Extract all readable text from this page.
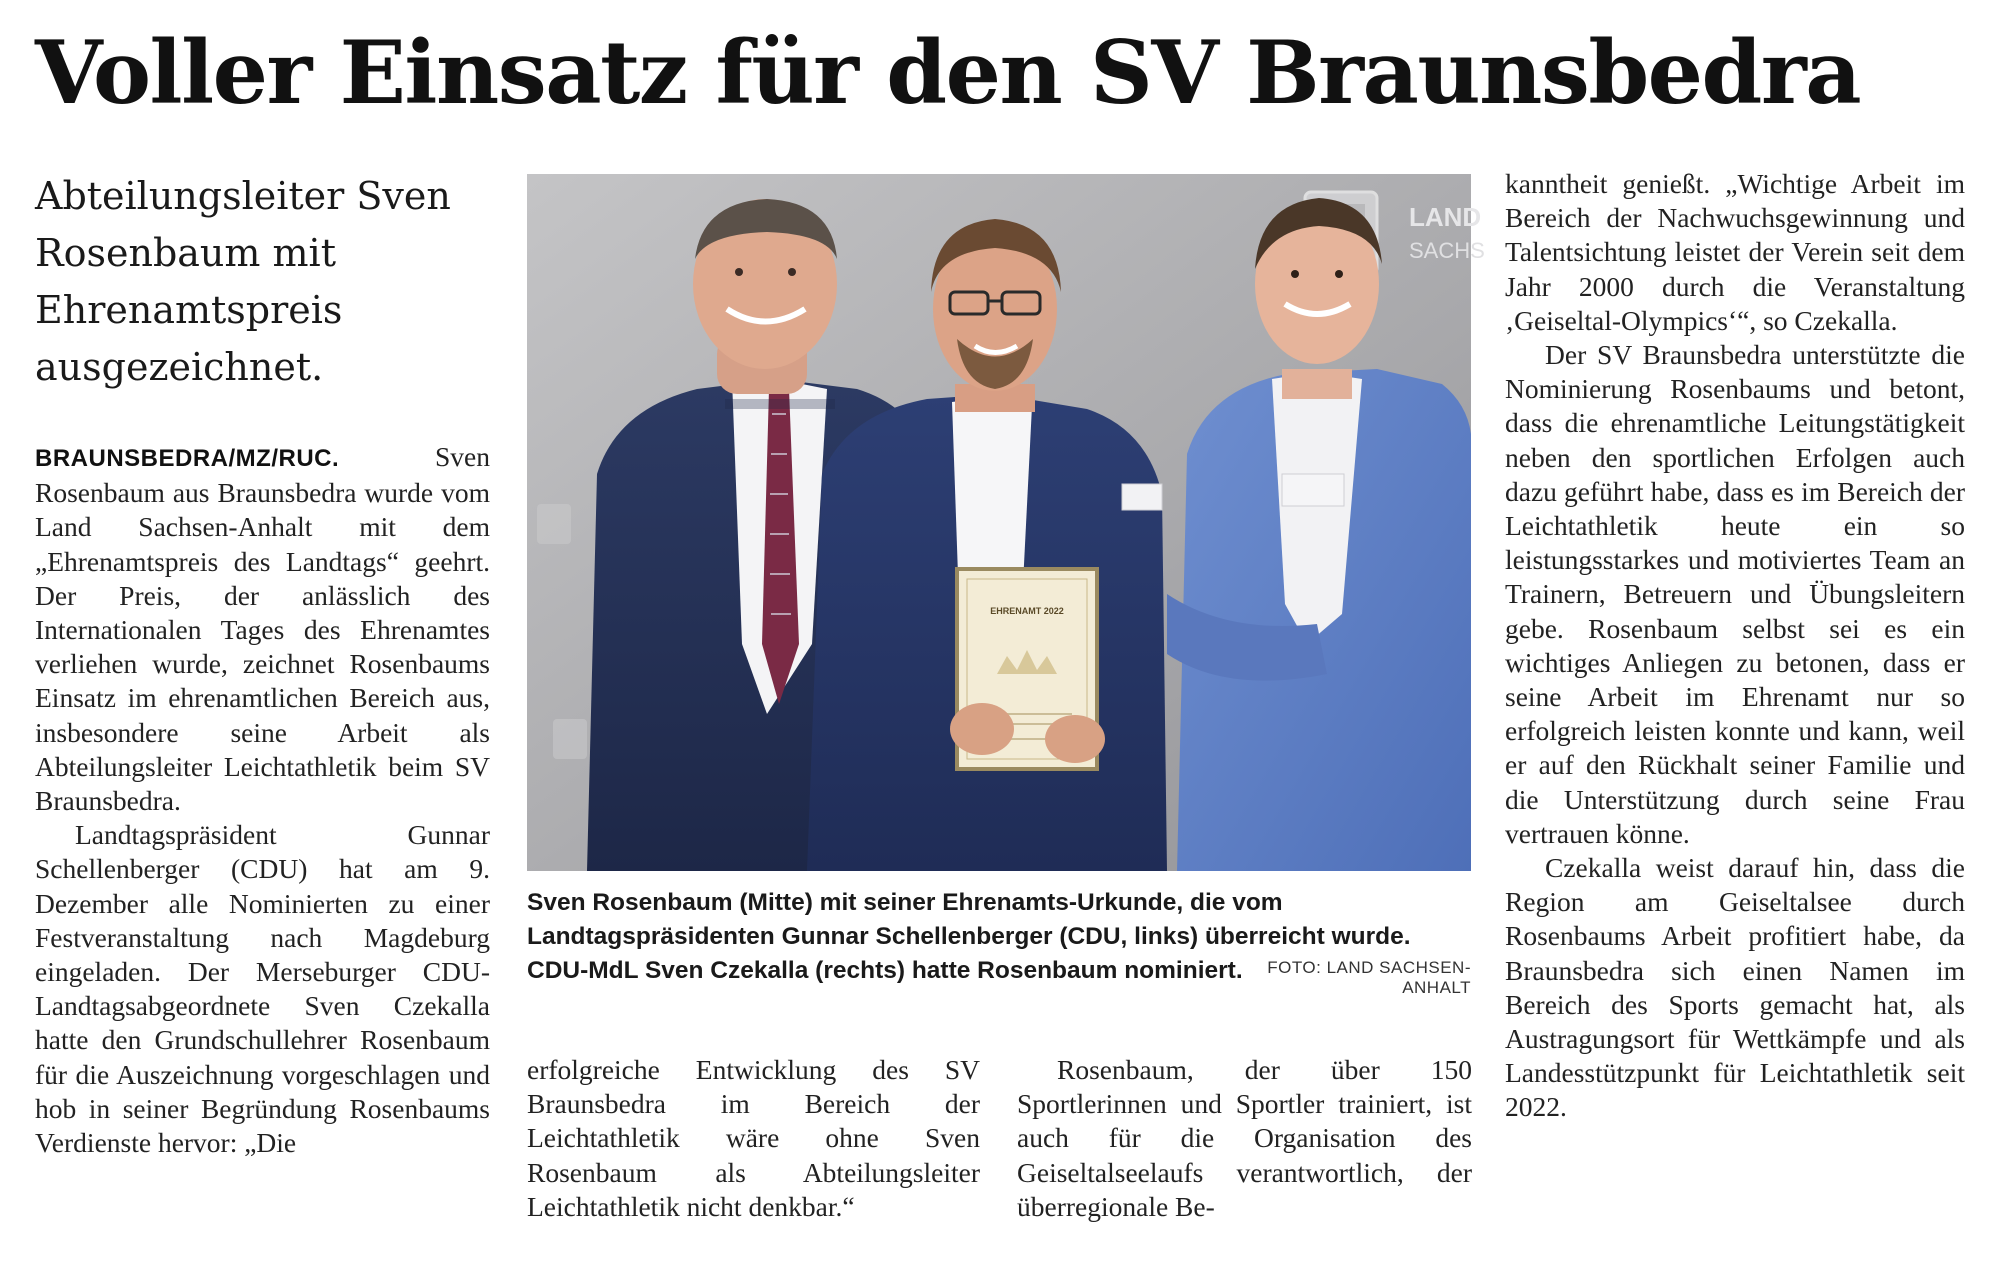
Voller Einsatz für den SV Braunsbedra
Abteilungsleiter Sven Rosenbaum mit Ehrenamtspreis ausgezeichnet.

BRAUNSBEDRA/MZ/RUC.	Sven Rosenbaum aus Braunsbedra wurde vom Land Sachsen-Anhalt mit dem „Ehrenamtspreis des Landtags“ geehrt. Der Preis, der anlässlich des Internationalen Tages des Ehrenamtes verliehen wurde, zeichnet Rosenbaums Einsatz im ehrenamtlichen Bereich aus, insbesondere seine Arbeit als Abteilungsleiter Leichtathletik beim SV Braunsbedra.

Landtagspräsident Gunnar Schellenberger (CDU) hat am 9. Dezember alle Nominierten zu einer Festveranstaltung nach Magdeburg eingeladen. Der Merseburger CDU-Landtagsabgeordnete Sven Czekalla hatte den Grundschullehrer Rosenbaum für die Auszeichnung vorgeschlagen und hob in seiner Begründung Rosenbaums Verdienste hervor: „Die

LAND
SACHS
EHRENAMT 2022

Sven Rosenbaum (Mitte) mit seiner Ehrenamts-Urkunde, die vom Landtagspräsidenten Gunnar Schellenberger (CDU, links) überreicht wurde. CDU-MdL Sven Czekalla (rechts) hatte Rosenbaum nominiert.	FOTO: LAND SACHSEN-ANHALT

erfolgreiche Entwicklung des SV Braunsbedra im Bereich der Leichtathletik wäre ohne Sven Rosenbaum als Abteilungsleiter Leichtathletik nicht denkbar.“

Rosenbaum, der über 150 Sportlerinnen und Sportler trainiert, ist auch für die Organisation des Geiseltalseelaufs verantwortlich, der überregionale Be-

kanntheit genießt. „Wichtige Arbeit im Bereich der Nachwuchsgewinnung und Talentsichtung leistet der Verein seit dem Jahr 2000 durch die Veranstaltung ‚Geiseltal-Olympics‘“, so Czekalla.

Der SV Braunsbedra unterstützte die Nominierung Rosenbaums und betont, dass die ehrenamtliche Leitungstätigkeit neben den sportlichen Erfolgen auch dazu geführt habe, dass es im Bereich der Leichtathletik heute ein so leistungsstarkes und motiviertes Team an Trainern, Betreuern und Übungsleitern gebe. Rosenbaum selbst sei es ein wichtiges Anliegen zu betonen, dass er seine Arbeit im Ehrenamt nur so erfolgreich leisten konnte und kann, weil er auf den Rückhalt seiner Familie und die Unterstützung durch seine Frau vertrauen könne.

Czekalla weist darauf hin, dass die Region am Geiseltalsee durch Rosenbaums Arbeit profitiert habe, da Braunsbedra sich einen Namen im Bereich des Sports gemacht hat, als Austragungsort für Wettkämpfe und als Landesstützpunkt für Leichtathletik seit 2022.
